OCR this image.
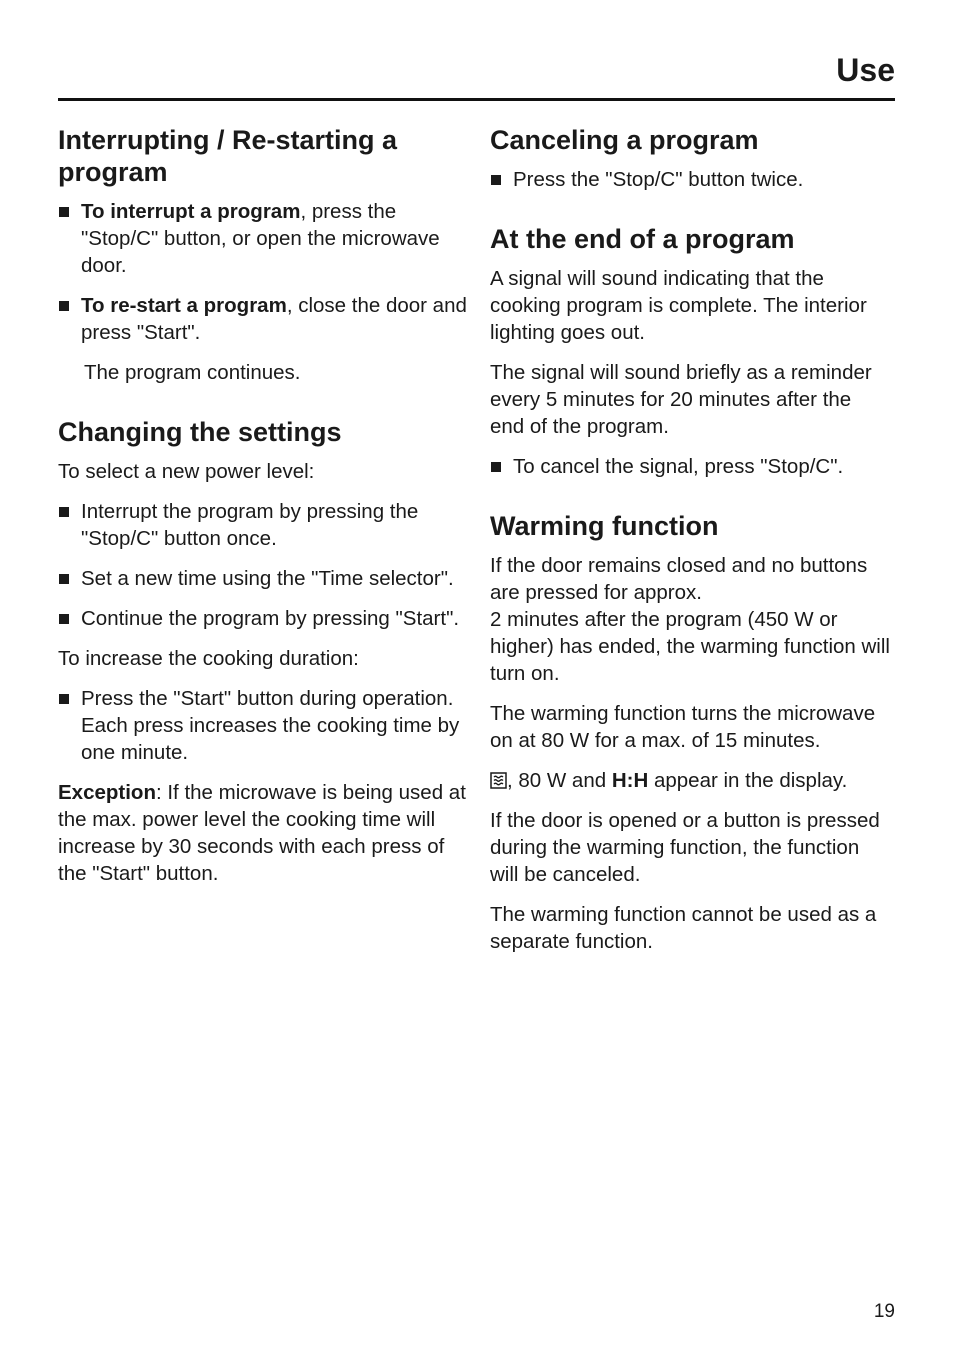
Use
Interrupting / Re-starting a program
To interrupt a program, press the "Stop/C" button, or open the microwave door.
To re-start a program, close the door and press "Start".

The program continues.

Changing the settings

To select a new power level:

Interrupt the program by pressing the "Stop/C" button once.
Set a new time using the "Time selector".
Continue the program by pressing "Start".

To increase the cooking duration:

Press the "Start" button during operation. Each press increases the cooking time by one minute.

Exception: If the microwave is being used at the max. power level the cooking time will increase by 30 seconds with each press of the "Start" button.

Canceling a program
Press the "Stop/C" button twice.
At the end of a program

A signal will sound indicating that the cooking program is complete. The interior lighting goes out.

The signal will sound briefly as a reminder every 5 minutes for 20 minutes after the end of the program.

To cancel the signal, press "Stop/C".
Warming function

If the door remains closed and no buttons are pressed for approx.
2 minutes after the program (450 W or higher) has ended, the warming function will turn on.

The warming function turns the microwave on at 80 W for a max. of 15 minutes.

, 80 W and H:H appear in the display.

If the door is opened or a button is pressed during the warming function, the function will be canceled.

The warming function cannot be used as a separate function.

19
